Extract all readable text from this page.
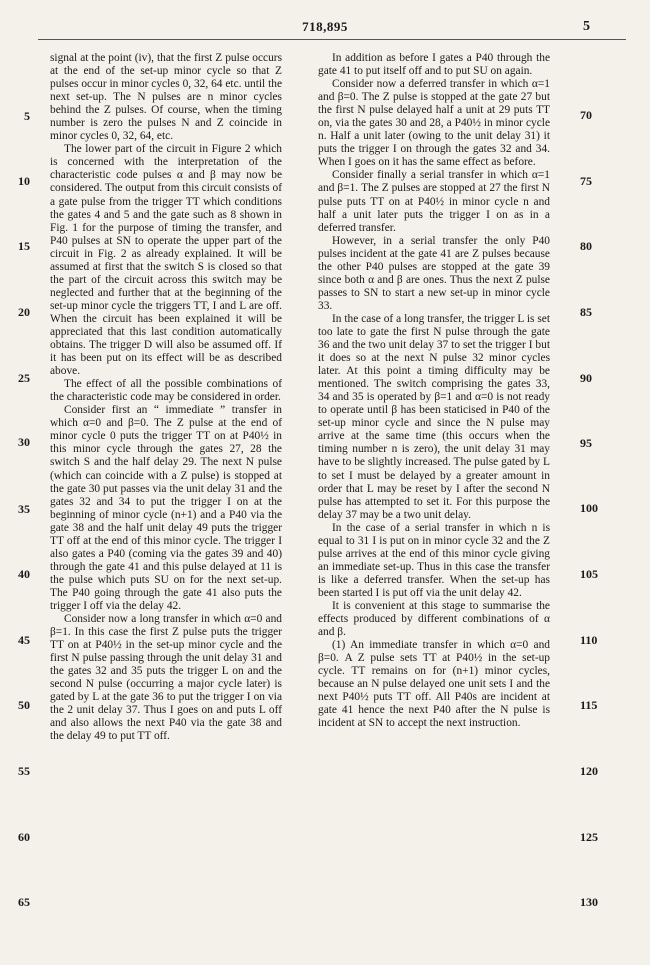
718,895	5

signal at the point (iv), that the first Z pulse occurs at the end of the set-up minor cycle so that Z pulses occur in minor cycles 0, 32, 64 etc. until the next set-up. The N pulses are n minor cycles behind the Z pulses. Of course, when the timing number is zero the pulses N and Z coincide in minor cycles 0, 32, 64, etc.

The lower part of the circuit in Figure 2 which is concerned with the interpretation of the characteristic code pulses α and β may now be considered. The output from this circuit consists of a gate pulse from the trigger TT which conditions the gates 4 and 5 and the gate such as 8 shown in Fig. 1 for the purpose of timing the transfer, and P40 pulses at SN to operate the upper part of the circuit in Fig. 2 as already explained. It will be assumed at first that the switch S is closed so that the part of the circuit across this switch may be neglected and further that at the beginning of the set-up minor cycle the triggers TT, I and L are off. When the circuit has been explained it will be appreciated that this last condition automatically obtains. The trigger D will also be assumed off. If it has been put on its effect will be as described above.

The effect of all the possible combinations of the characteristic code may be considered in order.

Consider first an “ immediate ” transfer in which α=0 and β=0. The Z pulse at the end of minor cycle 0 puts the trigger TT on at P40½ in this minor cycle through the gates 27, 28 the switch S and the half delay 29. The next N pulse (which can coincide with a Z pulse) is stopped at the gate 30 put passes via the unit delay 31 and the gates 32 and 34 to put the trigger I on at the beginning of minor cycle (n+1) and a P40 via the gate 38 and the half unit delay 49 puts the trigger TT off at the end of this minor cycle. The trigger I also gates a P40 (coming via the gates 39 and 40) through the gate 41 and this pulse delayed at 11 is the pulse which puts SU on for the next set-up. The P40 going through the gate 41 also puts the trigger I off via the delay 42.

Consider now a long transfer in which α=0 and β=1. In this case the first Z pulse puts the trigger TT on at P40½ in the set-up minor cycle and the first N pulse passing through the unit delay 31 and the gates 32 and 35 puts the trigger L on and the second N pulse (occurring a major cycle later) is gated by L at the gate 36 to put the trigger I on via the 2 unit delay 37. Thus I goes on and puts L off and also allows the next P40 via the gate 38 and the delay 49 to put TT off.

In addition as before I gates a P40 through the gate 41 to put itself off and to put SU on again.

Consider now a deferred transfer in which α=1 and β=0. The Z pulse is stopped at the gate 27 but the first N pulse delayed half a unit at 29 puts TT on, via the gates 30 and 28, a P40½ in minor cycle n. Half a unit later (owing to the unit delay 31) it puts the trigger I on through the gates 32 and 34. When I goes on it has the same effect as before.

Consider finally a serial transfer in which α=1 and β=1. The Z pulses are stopped at 27 the first N pulse puts TT on at P40½ in minor cycle n and half a unit later puts the trigger I on as in a deferred transfer.

However, in a serial transfer the only P40 pulses incident at the gate 41 are Z pulses because the other P40 pulses are stopped at the gate 39 since both α and β are ones. Thus the next Z pulse passes to SN to start a new set-up in minor cycle 33.

In the case of a long transfer, the trigger L is set too late to gate the first N pulse through the gate 36 and the two unit delay 37 to set the trigger I but it does so at the next N pulse 32 minor cycles later. At this point a timing difficulty may be mentioned. The switch comprising the gates 33, 34 and 35 is operated by β=1 and α=0 is not ready to operate until β has been staticised in P40 of the set-up minor cycle and since the N pulse may arrive at the same time (this occurs when the timing number n is zero), the unit delay 31 may have to be slightly increased. The pulse gated by L to set I must be delayed by a greater amount in order that L may be reset by I after the second N pulse has attempted to set it. For this purpose the delay 37 may be a two unit delay.

In the case of a serial transfer in which n is equal to 31 I is put on in minor cycle 32 and the Z pulse arrives at the end of this minor cycle giving an immediate set-up. Thus in this case the transfer is like a deferred transfer. When the set-up has been started I is put off via the unit delay 42.

It is convenient at this stage to summarise the effects produced by different combinations of α and β.

(1) An immediate transfer in which α=0 and β=0. A Z pulse sets TT at P40½ in the set-up cycle. TT remains on for (n+1) minor cycles, because an N pulse delayed one unit sets I and the next P40½ puts TT off. All P40s are incident at gate 41 hence the next P40 after the N pulse is incident at SN to accept the next instruction.

5
10
15
20
25
30
35
40
45
50
55
60
65
70
75
80
85
90
95
100
105
110
115
120
125
130
